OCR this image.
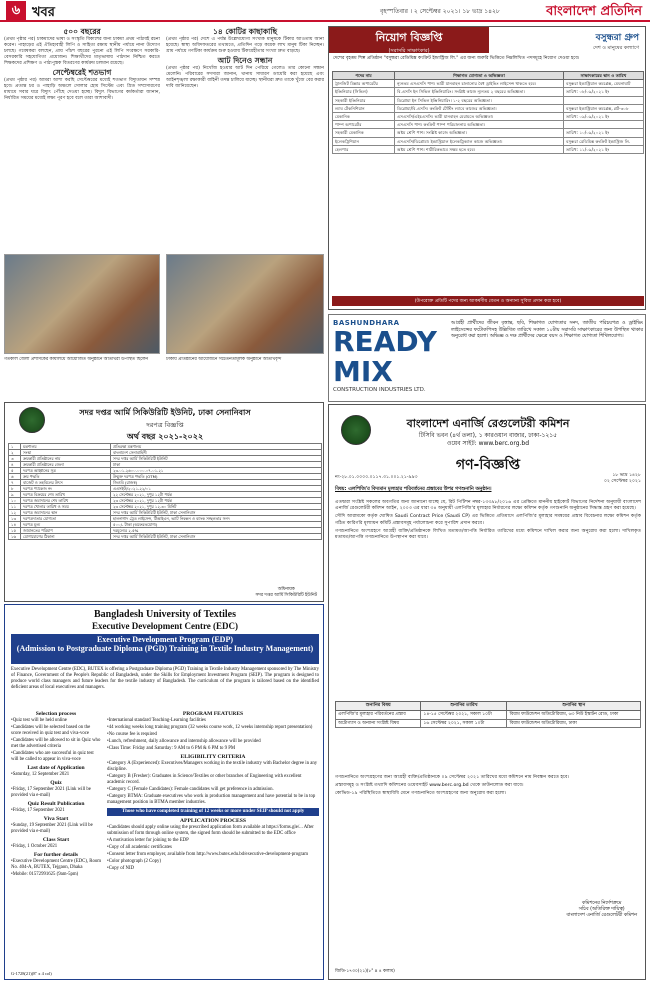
৬ খবর	বৃহস্পতিবার । ২ সেপ্টেম্বর ২০২১। ১৮ ভাদ্র ১৪২৮	বাংলাদেশ প্রতিদিন
৫০০ বছরের

(প্রথম পৃষ্ঠার পর) চাকমাদের ভাষা ও সংস্কৃতি বিকাশের জন্য চাকমা প্রথম পাঠ্যবই রচনা করেন। পাহাড়ের এই ঐতিহ্যবাহী লিপি ও সাহিত্য রক্ষায় স্থানীয় পর্যায়ে নানা উদ্যোগ চলছে। গবেষকরা বলছেন, প্রায় পাঁচশ বছরের পুরনো এই লিপি সংরক্ষণে সরকারি-বেসরকারি সহযোগিতা প্রয়োজন। শিক্ষার্থীদের মাতৃভাষায় পাঠদান নিশ্চিত করতে শিক্ষকদের প্রশিক্ষণ ও পাঠ্যপুস্তক বিতরণের কার্যক্রম চলমান রয়েছে।

সেপ্টেম্বরেই শতভাগ

(প্রথম পৃষ্ঠার পর) আমরা আশা করছি সেপ্টেম্বরের মধ্যেই শতভাগ বিদ্যুতায়ন সম্পন্ন হবে। প্রত্যন্ত চর ও পাহাড়ি অঞ্চলে সোলার হোম সিস্টেম এবং গ্রিড সম্প্রসারণের মাধ্যমে সবার ঘরে বিদ্যুৎ পৌঁছে দেওয়া হচ্ছে। বিদ্যুৎ বিভাগের কর্মকর্তারা জানান, নির্ধারিত সময়ের মধ্যেই লক্ষ্য পূরণ হবে বলে তারা আশাবাদী।

১৪ কোটির কাছাকাছি

(প্রথম পৃষ্ঠার পর) দেশে এ পর্যন্ত উল্লেখযোগ্য সংখ্যক মানুষকে টিকার আওতায় আনা হয়েছে। স্বাস্থ্য অধিদফতরের তথ্যমতে, প্রতিদিন গড়ে কয়েক লাখ মানুষ টিকা নিচ্ছেন। গ্রাম পর্যায়ে গণটিকা কার্যক্রম শুরু হওয়ায় টিকাগ্রহীতার সংখ্যা দ্রুত বাড়ছে।

আট দিনেও সন্ধান

(প্রথম পৃষ্ঠার পর) নিখোঁজ হওয়ার আট দিন পেরিয়ে গেলেও তার কোনো সন্ধান মেলেনি। পরিবারের সদস্যরা জানান, থানায় সাধারণ ডায়েরি করা হয়েছে এবং আইনশৃঙ্খলা রক্ষাকারী বাহিনী তদন্ত চালিয়ে যাচ্ছে। স্থানীয়রা দ্রুত তাকে খুঁজে বের করার দাবি জানিয়েছেন।

গতকাল জেলা প্রশাসকের কার্যালয়ে আয়োজিত অনুষ্ঠানে অতিথিরা উপস্থিত ছিলেন	ঢাকায় প্রতিষ্ঠানের আয়োজনে সচেতনতামূলক অনুষ্ঠানে অতিথিবৃন্দ
নিয়োগ বিজ্ঞপ্তি
(সরাসরি সাক্ষাৎকার)
বসুন্ধরা গ্রুপ
দেশ ও মানুষের কল্যাণে
দেশের বৃহত্তম শিল্প প্রতিষ্ঠান "বসুন্ধরা রেডিমিক্স কংক্রিট ইন্ডাস্ট্রিজ লি." এর জন্য জরুরি ভিত্তিতে নিম্নলিখিত পদসমূহে নিয়োগ দেওয়া হবে।
পদের নাম	শিক্ষাগত যোগ্যতা ও অভিজ্ঞতা	সাক্ষাৎকারের স্থান ও তারিখ
ট্রানজিট মিক্সার অপারেটর	ন্যূনতম এসএসসি পাশ। ভারী যানবাহন চালানোর বৈধ ড্রাইভিং লাইসেন্স থাকতে হবে।	বসুন্ধরা ইন্ডাস্ট্রিয়াল কমপ্লেক্স, মেঘনাঘাট
ইঞ্জিনিয়ার (সিভিল)	বি.এসসি ইন সিভিল ইঞ্জিনিয়ারিং। সংশ্লিষ্ট কাজে ন্যূনতম ২ বছরের অভিজ্ঞতা।	তারিখ: ০৮/০৯/২০২১ ইং
সহকারী ইঞ্জিনিয়ার	ডিপ্লোমা ইন সিভিল ইঞ্জিনিয়ারিং। ১-২ বছরের অভিজ্ঞতা।	
ল্যাব টেকনিশিয়ান	ডিপ্লোমা/বি.এসসি। কংক্রিট টেস্টিং ল্যাবে কাজের অভিজ্ঞতা।	বসুন্ধরা ইন্ডাস্ট্রিয়াল কমপ্লেক্স, প্লট-৩০৮
মেকানিক	এসএসসি/এইচএসসি। ভারী যানবাহন মেরামতে অভিজ্ঞতা।	তারিখ: ০৯/০৯/২০২১ ইং
পাম্প অপারেটর	এসএসসি পাশ। কংক্রিট পাম্প পরিচালনায় অভিজ্ঞতা।	
সহকারী মেকানিক	অষ্টম শ্রেণি পাশ। সংশ্লিষ্ট কাজে অভিজ্ঞতা।	তারিখ: ১০/০৯/২০২১ ইং
ইলেকট্রিশিয়ান	এসএসসি/ডিপ্লোমা। ইন্ডাস্ট্রিয়াল ইলেকট্রিক্যাল কাজে অভিজ্ঞতা।	বসুন্ধরা রেডিমিক্স কংক্রিট ইন্ডাস্ট্রিজ লি.
হেলপার	অষ্টম শ্রেণি পাশ। শারীরিকভাবে সক্ষম হতে হবে।	তারিখ: ১১/০৯/২০২১ ইং
(উপরোক্ত প্রতিটি পদের জন্য আকর্ষণীয় বেতন ও অন্যান্য সুবিধা প্রদান করা হবে)
BASHUNDHARA
READY MIX
CONSTRUCTION INDUSTRIES LTD.
আগ্রহী প্রার্থীদের জীবন বৃত্তান্ত, ছবি, শিক্ষাগত যোগ্যতার সনদ, জাতীয় পরিচয়পত্র ও ড্রাইভিং লাইসেন্সের ফটোকপিসহ উল্লিখিত তারিখে সকাল ১০টায় সরাসরি সাক্ষাৎকারের জন্য উপস্থিত থাকার অনুরোধ করা হলো। অভিজ্ঞ ও দক্ষ প্রার্থীদের ক্ষেত্রে বয়স ও শিক্ষাগত যোগ্যতা শিথিলযোগ্য।
সদর দপ্তর আর্মি সিকিউরিটি ইউনিট, ঢাকা সেনানিবাস
দরপত্র বিজ্ঞপ্তি
অর্থ বছর ২০২১-২০২২
১	মন্ত্রণালয়	প্রতিরক্ষা মন্ত্রণালয়
২	সংস্থা	বাংলাদেশ সেনাবাহিনী
৩	ক্রয়কারী প্রতিষ্ঠানের নাম	সদর দপ্তর আর্মি সিকিউরিটি ইউনিট
৪	ক্রয়কারী প্রতিষ্ঠানের জেলা	ঢাকা
৫	দরপত্র আহ্বানের সূত্র	২৩.০১.২৬০০.০০০.০৭.০১.২১
৬	ক্রয় পদ্ধতি	উন্মুক্ত দরপত্র পদ্ধতি (OTM)
৭	বাজেট ও তহবিলের উৎস	জিওবি (রাজস্ব)
৮	দরপত্র প্যাকেজ নং	এএসইউ/২০২১-২২/০১
৯	দরপত্র বিক্রয়ের শেষ তারিখ	২২ সেপ্টেম্বর ২০২১, দুপুর ১২টা পর্যন্ত
১০	দরপত্র জমাদানের শেষ তারিখ	২৩ সেপ্টেম্বর ২০২১, দুপুর ১২টা পর্যন্ত
১১	দরপত্র খোলার তারিখ ও সময়	২৩ সেপ্টেম্বর ২০২১, দুপুর ১২.৩০ মিনিট
১২	দরপত্র জমাদানের স্থান	সদর দপ্তর আর্মি সিকিউরিটি ইউনিট, ঢাকা সেনানিবাস
১৩	দরপত্রদাতার যোগ্যতা	হালনাগাদ ট্রেড লাইসেন্স, টিআইএন, ভ্যাট নিবন্ধন ও ব্যাংক সচ্ছলতার সনদ
১৪	দরপত্র মূল্য	৫০০/- টাকা (অফেরতযোগ্য)
১৫	জামানতের পরিমাণ	দরমূল্যের ২.৫%
১৬	যোগাযোগের ঠিকানা	সদর দপ্তর আর্মি সিকিউরিটি ইউনিট, ঢাকা সেনানিবাস
অধিনায়ক
সদর দপ্তর আর্মি সিকিউরিটি ইউনিট
Bangladesh University of Textiles
Executive Development Centre (EDC)
Executive Development Program (EDP)
(Admission to Postgraduate Diploma (PGD) Training in Textile Industry Management)
Executive Development Centre (EDC), BUTEX is offering a Postgraduate Diploma (PGD) Training in Textile Industry Management sponsored by The Ministry of Finance, Government of the People's Republic of Bangladesh, under the Skills for Employment Investment Program (SEIP). The program is designed to produce world class managers and future leaders for the textile industry of Bangladesh. The curriculum of the program is tailored based on the identified deficient areas of local executives and managers.
Selection process
• Quiz test will be held online
• Candidates will be selected based on the score received in quiz test and viva-voce
• Candidates will be allowed to sit in Quiz who met the advertised criteria
• Candidates who are successful in quiz test will be called to appear in viva-voce
Last date of Application
• Saturday, 12 September 2021
Quiz
• Friday, 17 September 2021 (Link will be provided via e-mail)
Quiz Result Publication
• Friday, 17 September 2021
Viva Start
• Sunday, 19 September 2021 (Link will be provided via e-mail)
Class Start
• Friday, 1 October 2021
For further details
• Executive Development Centre (EDC), Room No. 404-A, BUTEX, Tejgaon, Dhaka
• Mobile: 01572991625 (9am-5pm)
PROGRAM FEATURES
• International standard Teaching-Learning facilities
• 44 working weeks long training program (32 weeks course work, 12 weeks internship report presentation)
• No course fee is required
• Lunch, refreshment, daily allowance and internship allowance will be provided
• Class Time: Friday and Saturday: 9 AM to 6 PM & 6 PM to 9 PM
ELIGIBILITY CRITERIA
• Category A (Experienced): Executives/Managers working in the textile industry with Bachelor degree in any discipline.
• Category B (Fresher): Graduates in Science/Textiles or other branches of Engineering with excellent academic record.
• Category C (Female Candidates): Female candidates will get preference in admission.
• Category BTMA: Graduate executives who work in production management and have potential to be in top management position in BTMA member industries.
Those who have completed training of 12 weeks or more under SEIP should not apply
APPLICATION PROCESS
• Candidates should apply online using the prescribed application form available at https://forms.gle/... After submission of form through online system, the signed form should be submitted to the EDC office
• A motivation letter for joining to the EDP
• Copy of all academic certificates
• Consent letter from employer, available from http://www.butex.edu.bd/executive-development-program
• Color photograph (2 Copy)
• Copy of NID
G-1728(21)(8" x 4 col)
বাংলাদেশ এনার্জি রেগুলেটরী কমিশন
টিসিবি ভবন (৪র্থ তলা), ১ কারওয়ান বাজার, ঢাকা-১২১৫
ওয়েব সাইট: www.berc.org.bd
গণ-বিজ্ঞপ্তি
নং-২৮.০১.০০০০.০১১৭.৩১.০০১.২১-৯৯৩	১৮ ভাদ্র ১৪২৮
০২ সেপ্টেম্বর ২০২১
বিষয়: এলপিজি'র বিদ্যমান মূল্যহার পরিবর্তনের প্রস্তাবের উপর গণশুনানি অনুষ্ঠান।

এতদ্বারা সংশ্লিষ্ট সকলের অবগতির জন্য জানানো যাচ্ছে যে, রিট পিটিশন নম্বর-১৩৩৯৮/২০১৬ এর প্রেক্ষিতে মাননীয় হাইকোর্ট বিভাগের নির্দেশনা অনুযায়ী বাংলাদেশ এনার্জি রেগুলেটরী কমিশন আইন, ২০০৩ এর ধারা ৩৪ অনুযায়ী এলপিজি'র মূল্যহার নির্ধারণের লক্ষ্যে কমিশন কর্তৃক গণশুনানি অনুষ্ঠানের সিদ্ধান্ত গ্রহণ করা হয়েছে।

সৌদি আরামকো কর্তৃক ঘোষিত Saudi Contract Price (Saudi CP) এর ভিত্তিতে প্রতিমাসে এলপিজি'র মূল্যহার সমন্বয়ের প্রস্তাব বিবেচনার লক্ষ্যে কমিশন কর্তৃক গঠিত কারিগরি মূল্যায়ন কমিটি প্রস্তাবসমূহ পর্যালোচনা করে সুপারিশ প্রদান করবে।

গণশুনানিতে অংশগ্রহণে আগ্রহী ব্যক্তি/প্রতিষ্ঠানকে লিখিত মতামত/আপত্তি নির্ধারিত তারিখের মধ্যে কমিশনে দাখিল করার জন্য অনুরোধ করা হলো। দাখিলকৃত মতামত/আপত্তি গণশুনানিতে উপস্থাপন করা যাবে।

শুনানির বিষয়	শুনানির তারিখ	শুনানির স্থান
এলপিজি'র মূল্যহার পরিবর্তনের প্রস্তাব	১৪-১৫ সেপ্টেম্বর ২০২১, সকাল ১০টা	বিয়াম ফাউন্ডেশন অডিটোরিয়াম, ৬৩ নিউ ইস্কাটন রোড, ঢাকা
অটোগ্যাস ও অন্যান্য সংশ্লিষ্ট বিষয়	১৬ সেপ্টেম্বর ২০২১, সকাল ১০টা	বিয়াম ফাউন্ডেশন অডিটোরিয়াম, ঢাকা

গণশুনানিতে অংশগ্রহণের জন্য আগ্রহী ব্যক্তি/প্রতিষ্ঠানকে ০৯ সেপ্টেম্বর ২০২১ তারিখের মধ্যে কমিশনে নাম নিবন্ধন করতে হবে।

প্রস্তাবসমূহ ও সংশ্লিষ্ট তথ্যাদি কমিশনের ওয়েবসাইট www.berc.org.bd থেকে ডাউনলোড করা যাবে।

কোভিড-১৯ পরিস্থিতিতে স্বাস্থ্যবিধি মেনে গণশুনানিতে অংশগ্রহণের জন্য অনুরোধ করা হলো।

কমিশনের নির্দেশক্রমে
সচিব (অতিরিক্ত দায়িত্ব)
বাংলাদেশ এনার্জি রেগুলেটরী কমিশন
জিডি-১৭৩০(২১)(৮" x ৪ কলাম)
